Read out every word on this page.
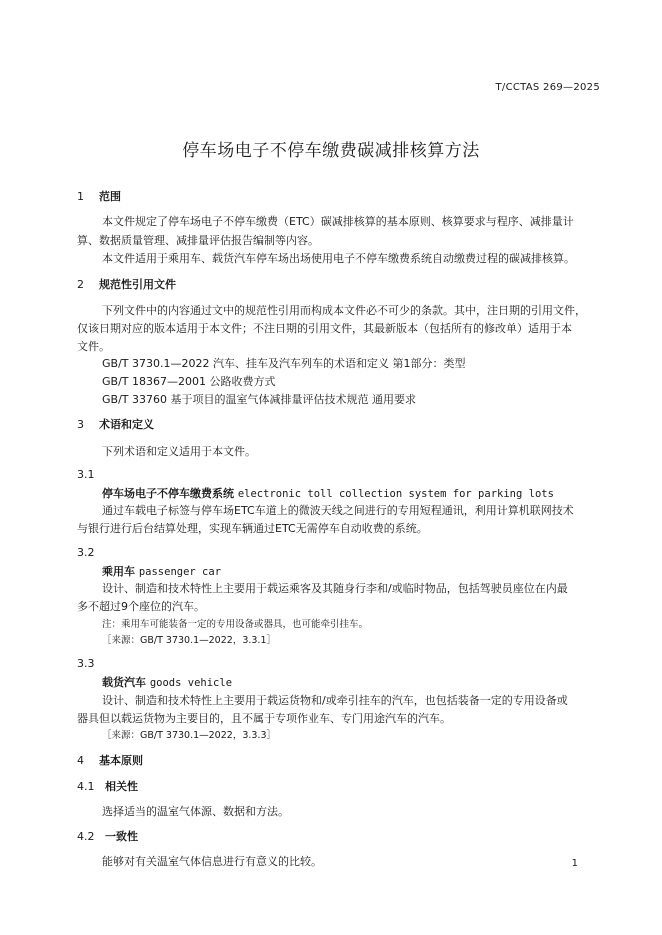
T/CCTAS 269—2025
停车场电子不停车缴费碳减排核算方法
1 范围
本文件规定了停车场电子不停车缴费（ETC）碳减排核算的基本原则、核算要求与程序、减排量计
算、数据质量管理、减排量评估报告编制等内容。
本文件适用于乘用车、载货汽车停车场出场使用电子不停车缴费系统自动缴费过程的碳减排核算。
2 规范性引用文件
下列文件中的内容通过文中的规范性引用而构成本文件必不可少的条款。其中，注日期的引用文件，
仅该日期对应的版本适用于本文件；不注日期的引用文件，其最新版本（包括所有的修改单）适用于本
文件。
GB/T 3730.1—2022 汽车、挂车及汽车列车的术语和定义 第1部分：类型
GB/T 18367—2001 公路收费方式
GB/T 33760 基于项目的温室气体减排量评估技术规范 通用要求
3 术语和定义
下列术语和定义适用于本文件。
3.1
停车场电子不停车缴费系统 electronic toll collection system for parking lots
通过车载电子标签与停车场ETC车道上的微波天线之间进行的专用短程通讯，利用计算机联网技术
与银行进行后台结算处理，实现车辆通过ETC无需停车自动收费的系统。
3.2
乘用车 passenger car
设计、制造和技术特性上主要用于载运乘客及其随身行李和/或临时物品，包括驾驶员座位在内最
多不超过9个座位的汽车。
注：乘用车可能装备一定的专用设备或器具，也可能牵引挂车。
［来源：GB/T 3730.1—2022，3.3.1］
3.3
载货汽车 goods vehicle
设计、制造和技术特性上主要用于载运货物和/或牵引挂车的汽车，也包括装备一定的专用设备或
器具但以载运货物为主要目的，且不属于专项作业车、专门用途汽车的汽车。
［来源：GB/T 3730.1—2022，3.3.3］
4 基本原则
4.1 相关性
选择适当的温室气体源、数据和方法。
4.2 一致性
能够对有关温室气体信息进行有意义的比较。	1
